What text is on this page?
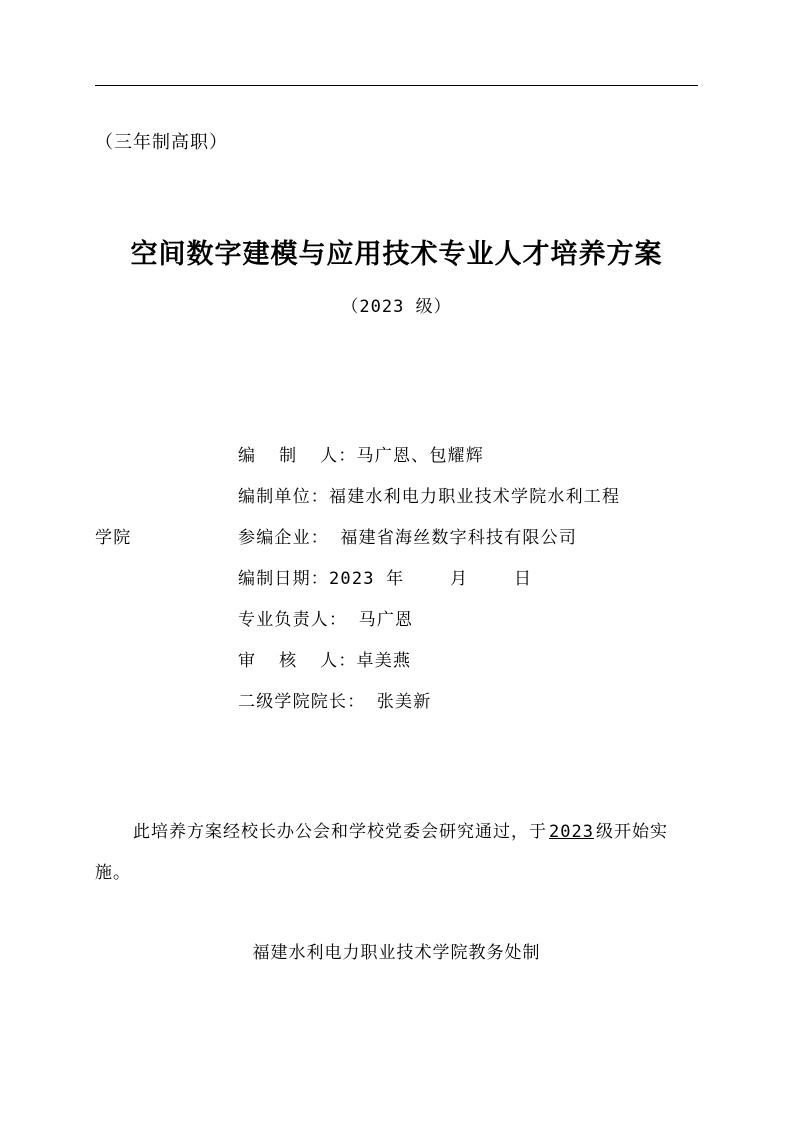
（三年制高职）
空间数字建模与应用技术专业人才培养方案
（2023 级）
编  制  人：马广恩、包耀辉
编制单位：福建水利电力职业技术学院水利工程
学院	参编企业： 福建省海丝数字科技有限公司
编制日期：2023 年    月    日
专业负责人： 马广恩
审  核  人：卓美燕
二级学院院长： 张美新
此培养方案经校长办公会和学校党委会研究通过，于 2023 级开始实施。
福建水利电力职业技术学院教务处制
